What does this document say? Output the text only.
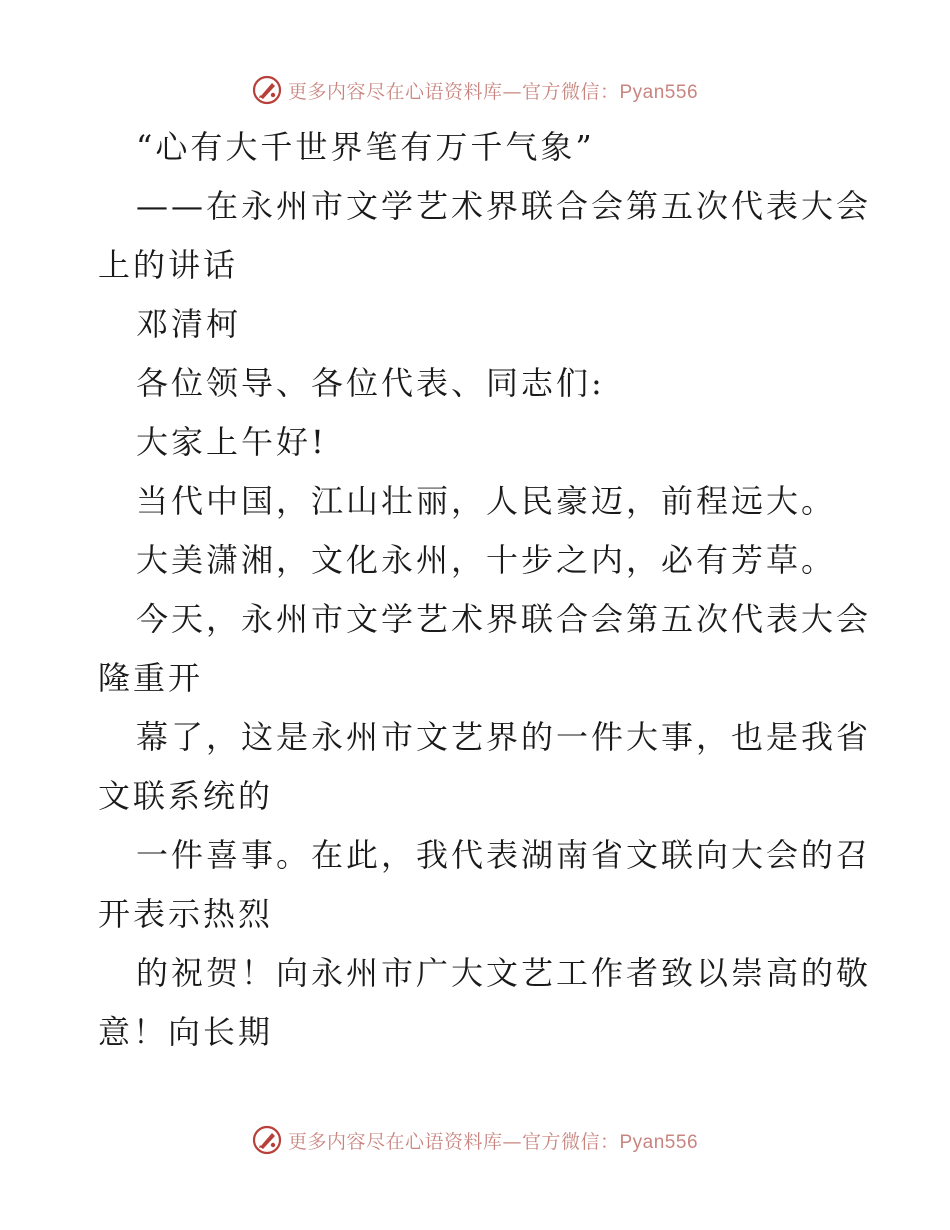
更多内容尽在心语资料库—官方微信：Pyan556
“心有大千世界笔有万千气象”
——在永州市文学艺术界联合会第五次代表大会
上的讲话
邓清柯
各位领导、各位代表、同志们:
大家上午好!
当代中国，江山壮丽，人民豪迈，前程远大。
大美潇湘，文化永州，十步之内，必有芳草。
今天，永州市文学艺术界联合会第五次代表大会
隆重开
幕了，这是永州市文艺界的一件大事，也是我省
文联系统的
一件喜事。在此，我代表湖南省文联向大会的召
开表示热烈
的祝贺！向永州市广大文艺工作者致以崇高的敬
意！向长期
更多内容尽在心语资料库—官方微信：Pyan556
